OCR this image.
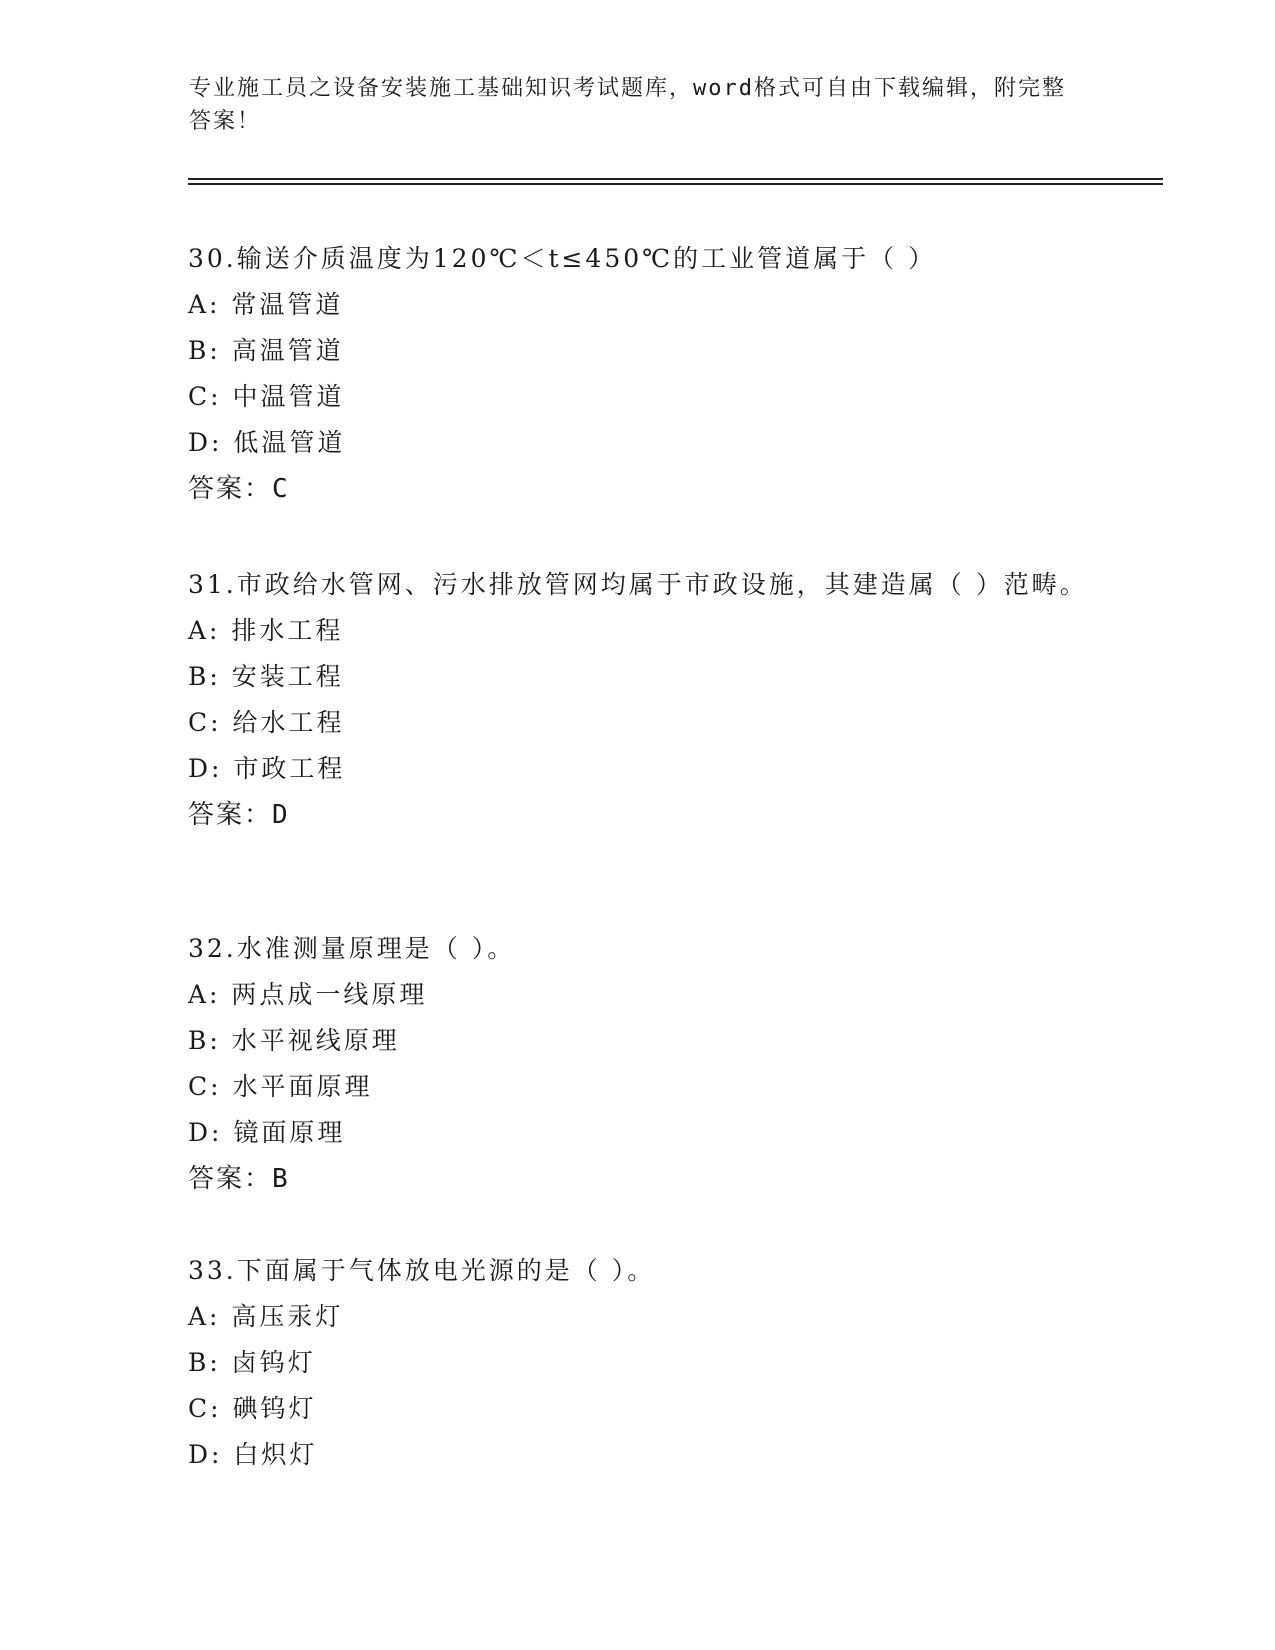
专业施工员之设备安装施工基础知识考试题库，word格式可自由下载编辑，附完整答案！
30.输送介质温度为120℃＜t≤450℃的工业管道属于（ ）
A: 常温管道
B: 高温管道
C: 中温管道
D: 低温管道
答案：C
31.市政给水管网、污水排放管网均属于市政设施，其建造属（ ）范畴。
A: 排水工程
B: 安装工程
C: 给水工程
D: 市政工程
答案：D
32.水准测量原理是（ ）。
A: 两点成一线原理
B: 水平视线原理
C: 水平面原理
D: 镜面原理
答案：B
33.下面属于气体放电光源的是（ ）。
A: 高压汞灯
B: 卤钨灯
C: 碘钨灯
D: 白炽灯
